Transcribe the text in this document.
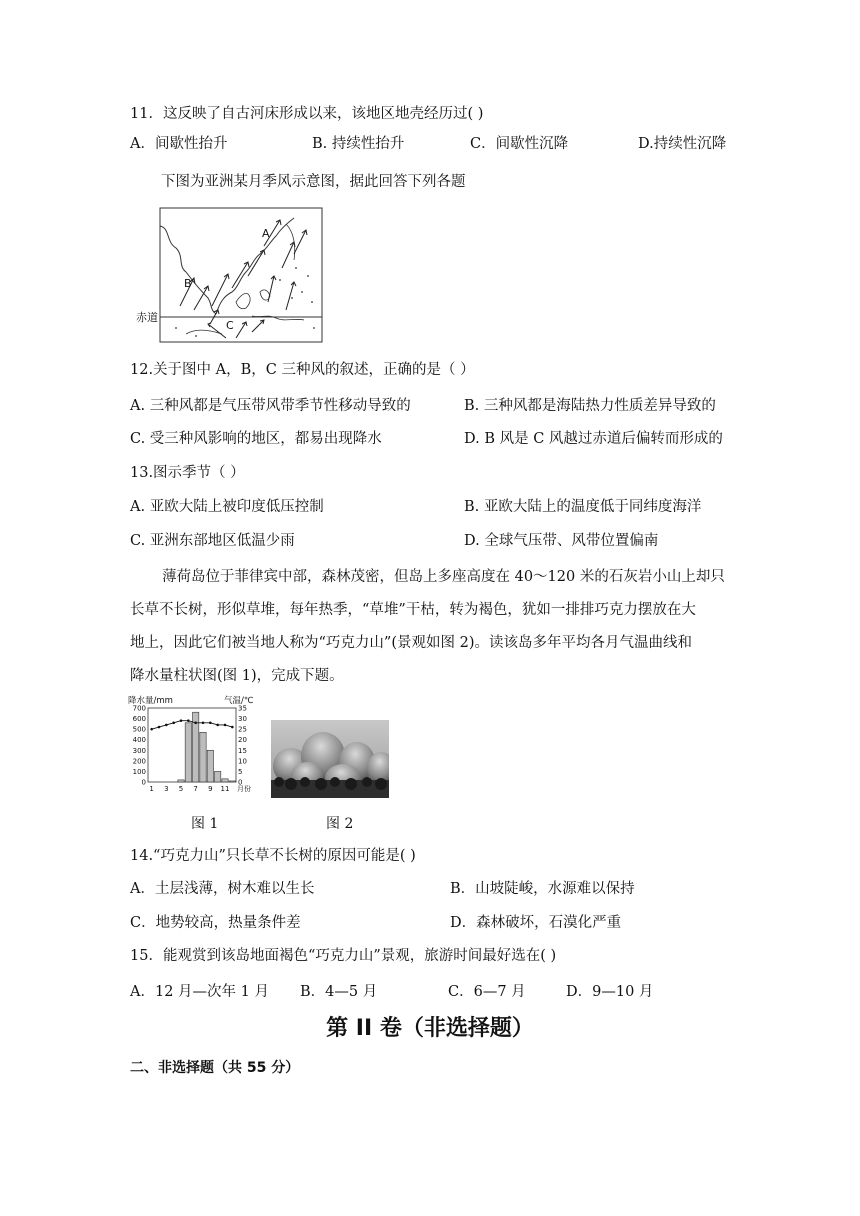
11．这反映了自古河床形成以来，该地区地壳经历过( )
A．间歇性抬升	B. 持续性抬升	C．间歇性沉降	D.持续性沉降
下图为亚洲某月季风示意图，据此回答下列各题
A
B
C
赤道
12.关于图中 A，B，C 三种风的叙述，正确的是（ ）
A. 三种风都是气压带风带季节性移动导致的	B. 三种风都是海陆热力性质差异导致的
C. 受三种风影响的地区，都易出现降水	D. B 风是 C 风越过赤道后偏转而形成的
13.图示季节（ ）
A. 亚欧大陆上被印度低压控制	B. 亚欧大陆上的温度低于同纬度海洋
C. 亚洲东部地区低温少雨	D. 全球气压带、风带位置偏南

薄荷岛位于菲律宾中部，森林茂密，但岛上多座高度在 40～120 米的石灰岩小山上却只

长草不长树，形似草堆，每年热季，“草堆”干枯，转为褐色，犹如一排排巧克力摆放在大

地上，因此它们被当地人称为“巧克力山”(景观如图 2)。读该岛多年平均各月气温曲线和

降水量柱状图(图 1)，完成下题。

降水量/mm	气温/℃
700
600
500
400
300
200
100
0
35
30
25
20
15
10
5
0
1 3 5 7 9 11 月份
图 1	图 2
14.“巧克力山”只长草不长树的原因可能是( )
A．土层浅薄，树木难以生长	B．山坡陡峻，水源难以保持
C．地势较高，热量条件差	D．森林破坏，石漠化严重
15．能观赏到该岛地面褐色“巧克力山”景观，旅游时间最好选在( )
A．12 月—次年 1 月 B．4—5 月	C．6—7 月	D．9—10 月
第 II 卷（非选择题）
二、非选择题（共 55 分）
